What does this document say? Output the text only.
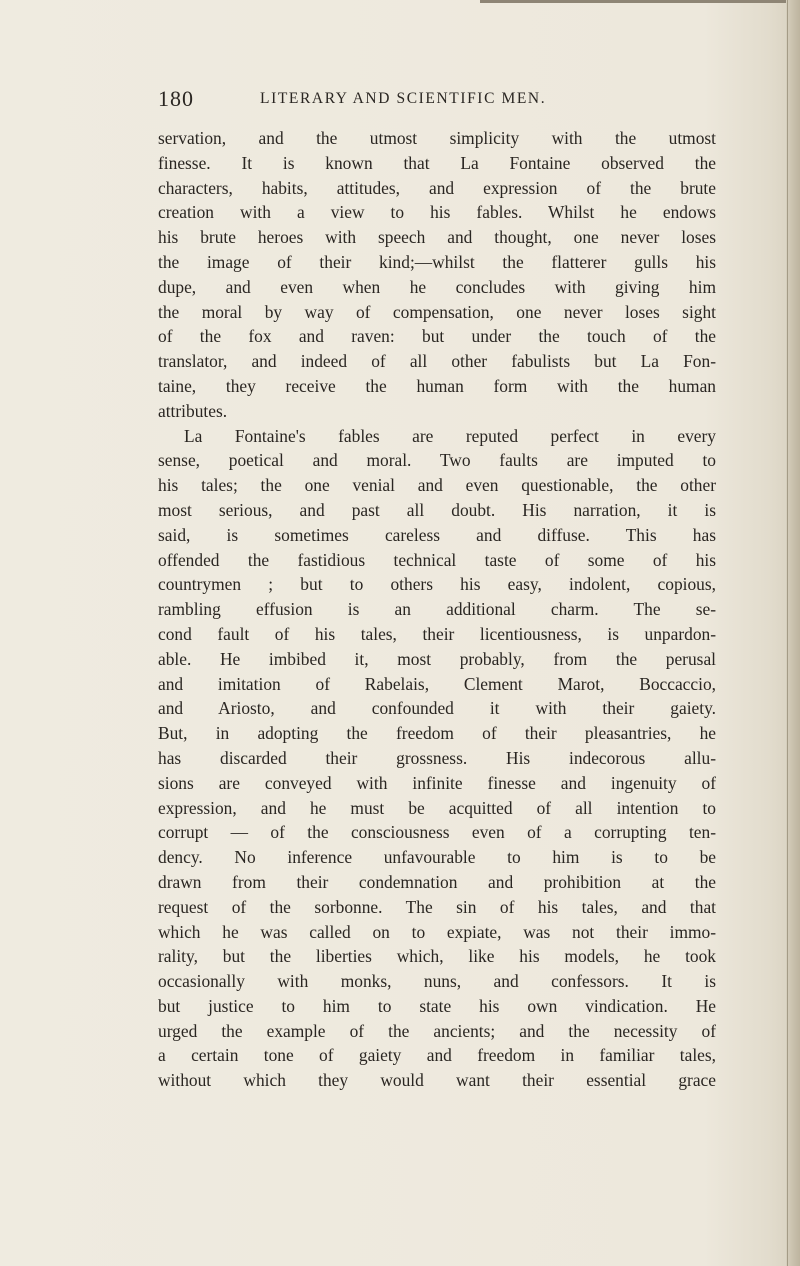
180	LITERARY AND SCIENTIFIC MEN.
servation, and the utmost simplicity with the utmost
finesse. It is known that La Fontaine observed the
characters, habits, attitudes, and expression of the brute
creation with a view to his fables. Whilst he endows
his brute heroes with speech and thought, one never loses
the image of their kind;—whilst the flatterer gulls his
dupe, and even when he concludes with giving him
the moral by way of compensation, one never loses sight
of the fox and raven: but under the touch of the
translator, and indeed of all other fabulists but La Fon-
taine, they receive the human form with the human
attributes.
La Fontaine's fables are reputed perfect in every
sense, poetical and moral. Two faults are imputed to
his tales; the one venial and even questionable, the other
most serious, and past all doubt. His narration, it is
said, is sometimes careless and diffuse. This has
offended the fastidious technical taste of some of his
countrymen ; but to others his easy, indolent, copious,
rambling effusion is an additional charm. The se-
cond fault of his tales, their licentiousness, is unpardon-
able. He imbibed it, most probably, from the perusal
and imitation of Rabelais, Clement Marot, Boccaccio,
and Ariosto, and confounded it with their gaiety.
But, in adopting the freedom of their pleasantries, he
has discarded their grossness. His indecorous allu-
sions are conveyed with infinite finesse and ingenuity of
expression, and he must be acquitted of all intention to
corrupt — of the consciousness even of a corrupting ten-
dency. No inference unfavourable to him is to be
drawn from their condemnation and prohibition at the
request of the sorbonne. The sin of his tales, and that
which he was called on to expiate, was not their immo-
rality, but the liberties which, like his models, he took
occasionally with monks, nuns, and confessors. It is
but justice to him to state his own vindication. He
urged the example of the ancients; and the necessity of
a certain tone of gaiety and freedom in familiar tales,
without which they would want their essential grace
